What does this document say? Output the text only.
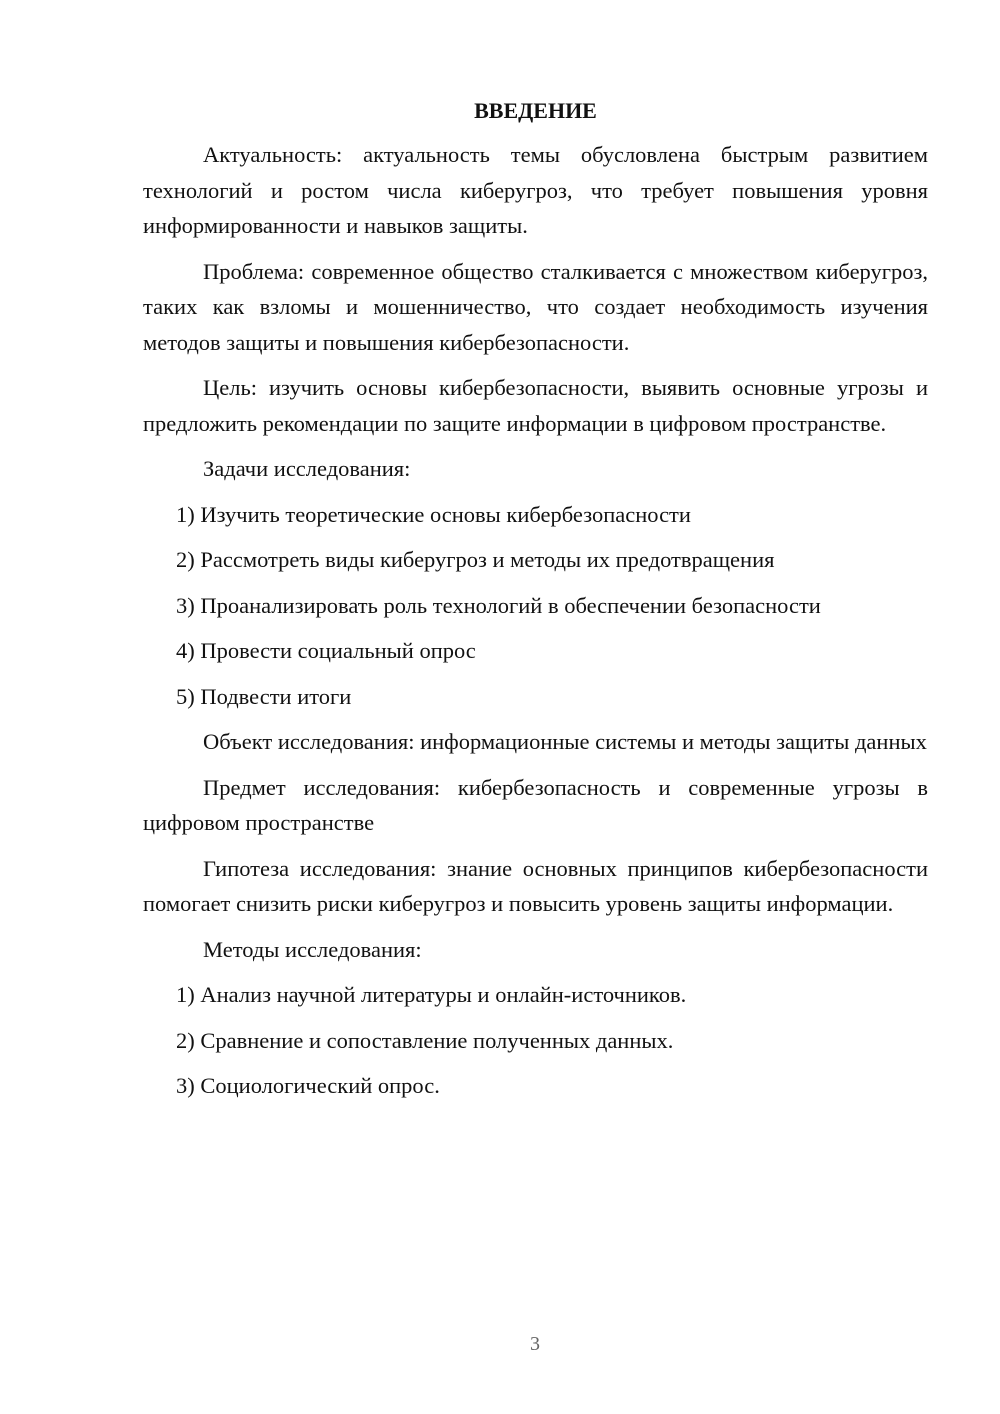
ВВЕДЕНИЕ

Актуальность: актуальность темы обусловлена быстрым развитием технологий и ростом числа киберугроз, что требует повышения уровня информированности и навыков защиты.

Проблема: современное общество сталкивается с множеством киберугроз, таких как взломы и мошенничество, что создает необходимость изучения методов защиты и повышения кибербезопасности.

Цель: изучить основы кибербезопасности, выявить основные угрозы и предложить рекомендации по защите информации в цифровом пространстве.

Задачи исследования:

1) Изучить теоретические основы кибербезопасности

2) Рассмотреть виды киберугроз и методы их предотвращения

3) Проанализировать роль технологий в обеспечении безопасности

4) Провести социальный опрос

5) Подвести итоги

Объект исследования: информационные системы и методы защиты данных

Предмет исследования: кибербезопасность и современные угрозы в цифровом пространстве

Гипотеза исследования: знание основных принципов кибербезопасности помогает снизить риски киберугроз и повысить уровень защиты информации.

Методы исследования:

1) Анализ научной литературы и онлайн-источников.

2) Сравнение и сопоставление полученных данных.

3) Социологический опрос.

3
